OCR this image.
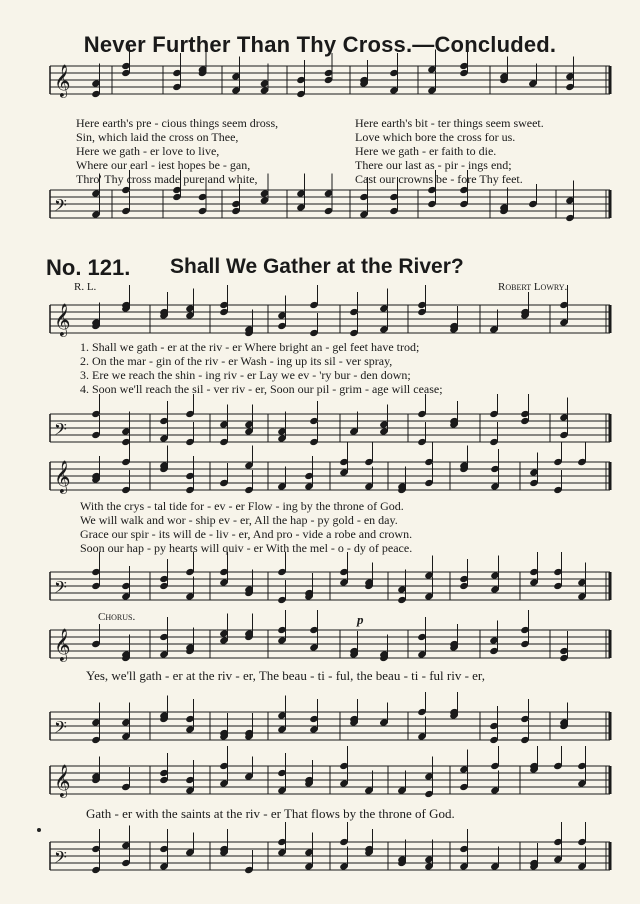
Never Further Than Thy Cross.—Concluded.
𝄞
𝄢
𝄞
𝄢
𝄞
𝄢
𝄞
𝄢
𝄞
𝄢
Here earth's pre - cious things seem dross,	Here earth's bit - ter things seem sweet.
Sin, which laid the cross on Thee,	Love which bore the cross for us.
Here we gath - er love to live,	Here we gath - er faith to die.
Where our earl - iest hopes be - gan,	There our last as - pir - ings end;
Thro' Thy cross made pure and white,	Cast our crowns be - fore Thy feet.
No. 121. Shall We Gather at the River?
R. L.	Robert Lowry.
1. Shall we gath - er at the riv - er Where bright an - gel feet have trod;
2. On the mar - gin of the riv - er Wash - ing up its sil - ver spray,
3. Ere we reach the shin - ing riv - er Lay we ev - 'ry bur - den down;
4. Soon we'll reach the sil - ver riv - er, Soon our pil - grim - age will cease;
With the crys - tal tide for - ev - er Flow - ing by the throne of God.
We will walk and wor - ship ev - er, All the hap - py gold - en day.
Grace our spir - its will de - liv - er, And pro - vide a robe and crown.
Soon our hap - py hearts will quiv - er With the mel - o - dy of peace.
Chorus.	p
Yes, we'll gath - er at the riv - er, The beau - ti - ful, the beau - ti - ful riv - er,
Gath - er with the saints at the riv - er That flows by the throne of God.
